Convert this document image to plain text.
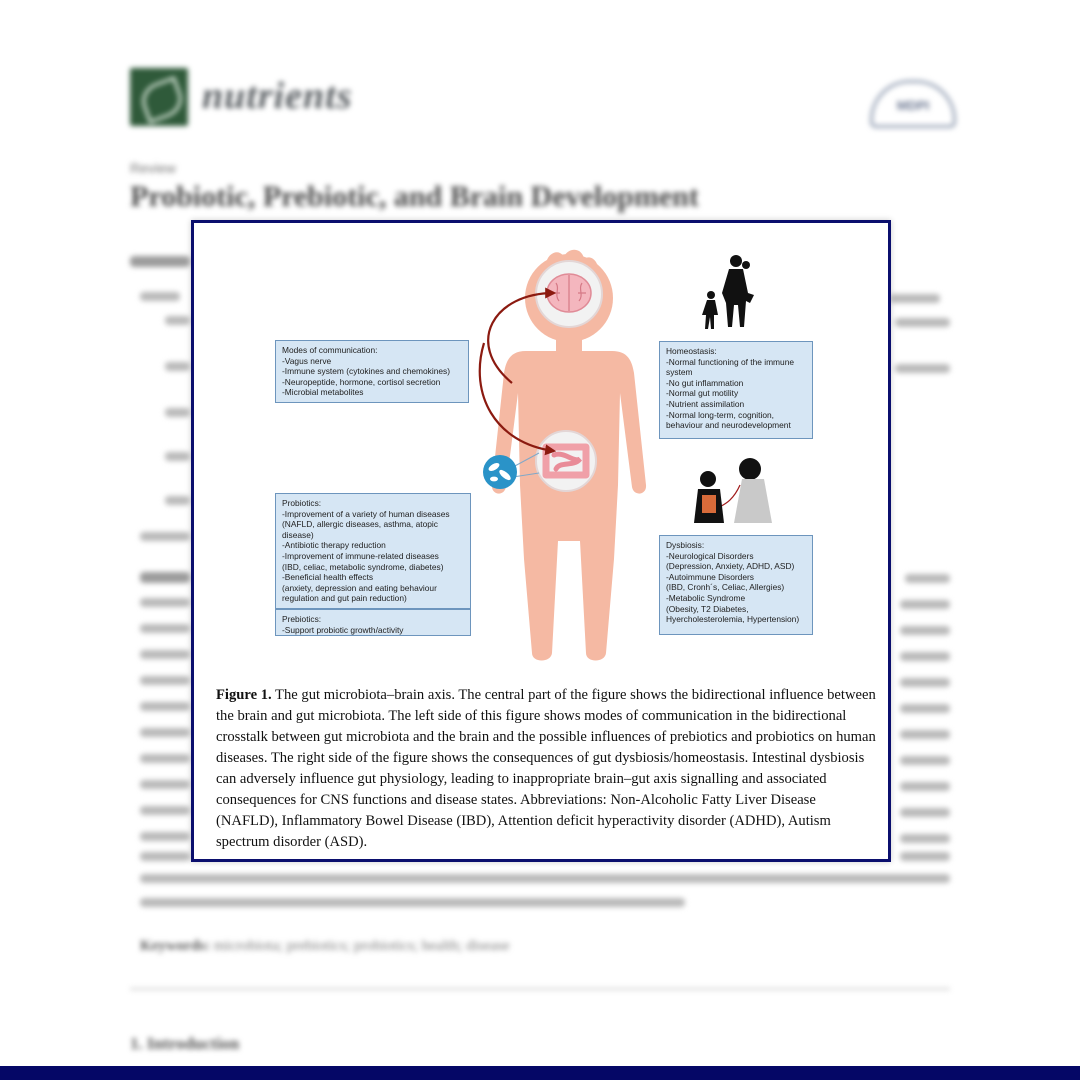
nutrients	MDPI
Review
Probiotic, Prebiotic, and Brain Development
Keywords: microbiota; prebiotics; probiotics; health; disease
1. Introduction
Modes of communication:
-Vagus nerve
-Immune system (cytokines and chemokines)
-Neuropeptide, hormone, cortisol secretion
-Microbial metabolites
Probiotics:
-Improvement of a variety of human diseases
(NAFLD, allergic diseases, asthma, atopic
disease)
-Antibiotic therapy reduction
-Improvement of immune-related diseases
(IBD, celiac, metabolic syndrome, diabetes)
-Beneficial health effects
(anxiety, depression and eating behaviour
regulation and gut pain reduction)
Prebiotics:
-Support probiotic growth/activity
Homeostasis:
-Normal functioning of the immune
system
-No gut inflammation
-Normal gut motility
-Nutrient assimilation
-Normal long-term, cognition,
behaviour and neurodevelopment
Dysbiosis:
-Neurological Disorders
(Depression, Anxiety, ADHD, ASD)
-Autoimmune Disorders
(IBD, Cronh´s, Celiac, Allergies)
-Metabolic Syndrome
(Obesity, T2 Diabetes,
Hyercholesterolemia, Hypertension)
Figure 1. The gut microbiota–brain axis. The central part of the figure shows the bidirectional influence between the brain and gut microbiota. The left side of this figure shows modes of communication in the bidirectional crosstalk between gut microbiota and the brain and the possible influences of prebiotics and probiotics on human diseases. The right side of the figure shows the consequences of gut dysbiosis/homeostasis. Intestinal dysbiosis can adversely influence gut physiology, leading to inappropriate brain–gut axis signalling and associated consequences for CNS functions and disease states. Abbreviations: Non-Alcoholic Fatty Liver Disease (NAFLD), Inflammatory Bowel Disease (IBD), Attention deficit hyperactivity disorder (ADHD), Autism spectrum disorder (ASD).
